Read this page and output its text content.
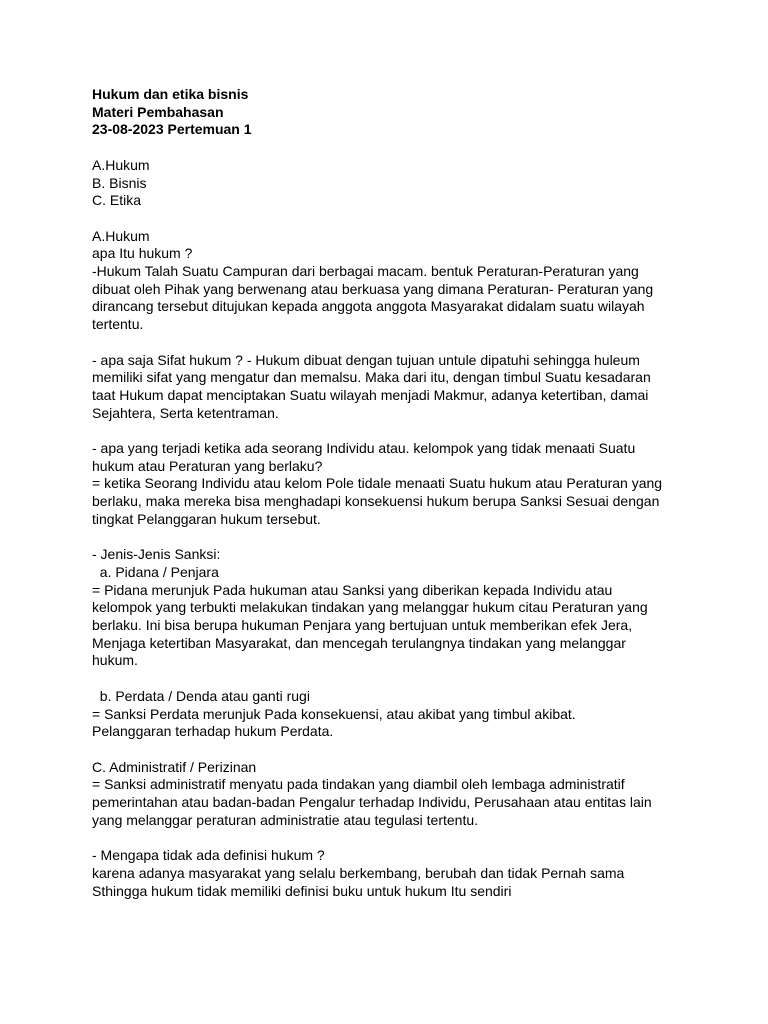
Hukum dan etika bisnis
Materi Pembahasan
23-08-2023 Pertemuan 1
A.Hukum
B. Bisnis
C. Etika
A.Hukum
apa Itu hukum ?
-Hukum Talah Suatu Campuran dari berbagai macam. bentuk Peraturan-Peraturan yang
dibuat oleh Pihak yang berwenang atau berkuasa yang dimana Peraturan- Peraturan yang
dirancang tersebut ditujukan kepada anggota anggota Masyarakat didalam suatu wilayah
tertentu.
- apa saja Sifat hukum ? - Hukum dibuat dengan tujuan untule dipatuhi sehingga huleum
memiliki sifat yang mengatur dan memalsu. Maka dari itu, dengan timbul Suatu kesadaran
taat Hukum dapat menciptakan Suatu wilayah menjadi Makmur, adanya ketertiban, damai
Sejahtera, Serta ketentraman.
- apa yang terjadi ketika ada seorang Individu atau. kelompok yang tidak menaati Suatu
hukum atau Peraturan yang berlaku?
= ketika Seorang Individu atau kelom Pole tidale menaati Suatu hukum atau Peraturan yang
berlaku, maka mereka bisa menghadapi konsekuensi hukum berupa Sanksi Sesuai dengan
tingkat Pelanggaran hukum tersebut.
- Jenis-Jenis Sanksi:
a. Pidana / Penjara
= Pidana merunjuk Pada hukuman atau Sanksi yang diberikan kepada Individu atau
kelompok yang terbukti melakukan tindakan yang melanggar hukum citau Peraturan yang
berlaku. Ini bisa berupa hukuman Penjara yang bertujuan untuk memberikan efek Jera,
Menjaga ketertiban Masyarakat, dan mencegah terulangnya tindakan yang melanggar
hukum.
b. Perdata / Denda atau ganti rugi
= Sanksi Perdata merunjuk Pada konsekuensi, atau akibat yang timbul akibat.
Pelanggaran terhadap hukum Perdata.
C. Administratif / Perizinan
= Sanksi administratif menyatu pada tindakan yang diambil oleh lembaga administratif
pemerintahan atau badan-badan Pengalur terhadap Individu, Perusahaan atau entitas lain
yang melanggar peraturan administratie atau tegulasi tertentu.
- Mengapa tidak ada definisi hukum ?
karena adanya masyarakat yang selalu berkembang, berubah dan tidak Pernah sama
Sthingga hukum tidak memiliki definisi buku untuk hukum Itu sendiri
